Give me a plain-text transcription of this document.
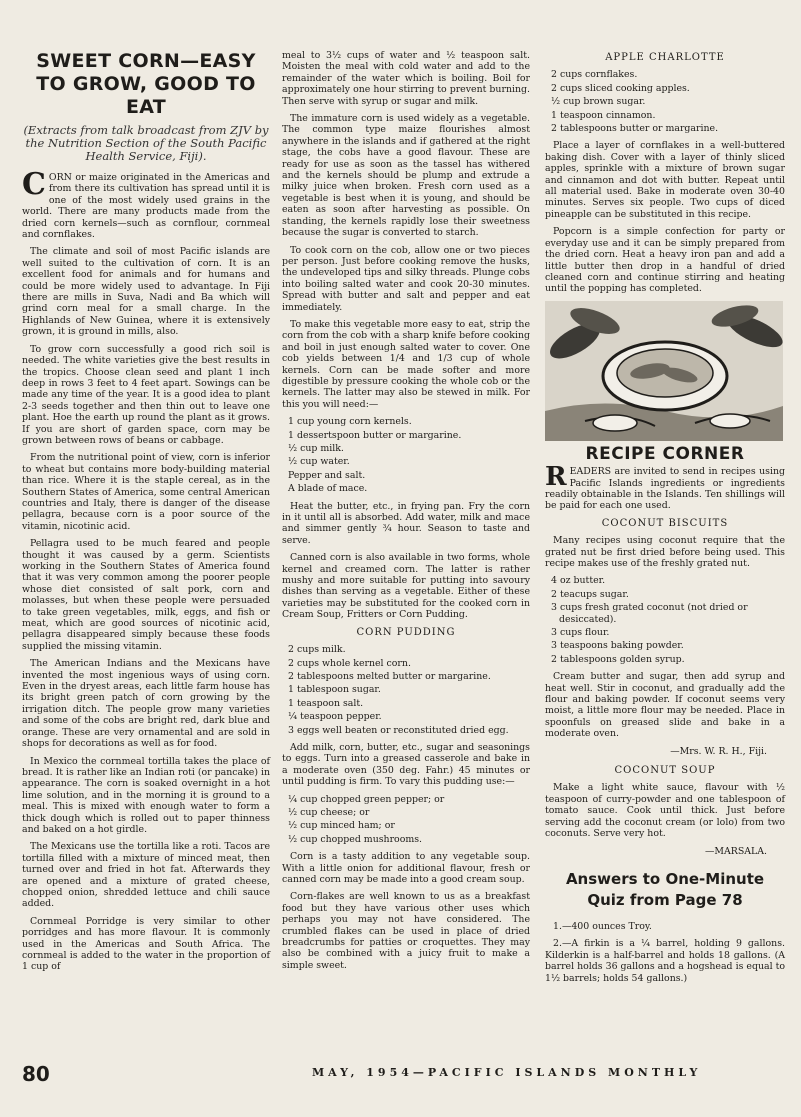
SWEET CORN—EASY TO GROW, GOOD TO EAT
(Extracts from talk broadcast from ZJV by the Nutrition Section of the South Pacific Health Service, Fiji).

CORN or maize originated in the Americas and from there its cultivation has spread until it is one of the most widely used grains in the world. There are many products made from the dried corn kernels—such as cornflour, cornmeal and cornflakes.

The climate and soil of most Pacific islands are well suited to the cultivation of corn. It is an excellent food for animals and for humans and could be more widely used to advantage. In Fiji there are mills in Suva, Nadi and Ba which will grind corn meal for a small charge. In the Highlands of New Guinea, where it is extensively grown, it is ground in mills, also.

To grow corn successfully a good rich soil is needed. The white varieties give the best results in the tropics. Choose clean seed and plant 1 inch deep in rows 3 feet to 4 feet apart. Sowings can be made any time of the year. It is a good idea to plant 2-3 seeds together and then thin out to leave one plant. Hoe the earth up round the plant as it grows. If you are short of garden space, corn may be grown between rows of beans or cabbage.

From the nutritional point of view, corn is inferior to wheat but contains more body-building material than rice. Where it is the staple cereal, as in the Southern States of America, some central American countries and Italy, there is danger of the disease pellagra, because corn is a poor source of the vitamin, nicotinic acid.

Pellagra used to be much feared and people thought it was caused by a germ. Scientists working in the Southern States of America found that it was very common among the poorer people whose diet consisted of salt pork, corn and molasses, but when these people were persuaded to take green vegetables, milk, eggs, and fish or meat, which are good sources of nicotinic acid, pellagra disappeared simply because these foods supplied the missing vitamin.

The American Indians and the Mexicans have invented the most ingenious ways of using corn. Even in the dryest areas, each little farm house has its bright green patch of corn growing by the irrigation ditch. The people grow many varieties and some of the cobs are bright red, dark blue and orange. These are very ornamental and are sold in shops for decorations as well as for food.

In Mexico the cornmeal tortilla takes the place of bread. It is rather like an Indian roti (or pancake) in appearance. The corn is soaked overnight in a hot lime solution, and in the morning it is ground to a meal. This is mixed with enough water to form a thick dough which is rolled out to paper thinness and baked on a hot girdle.

The Mexicans use the tortilla like a roti. Tacos are tortilla filled with a mixture of minced meat, then turned over and fried in hot fat. Afterwards they are opened and a mixture of grated cheese, chopped onion, shredded lettuce and chili sauce added.

Cornmeal Porridge is very similar to other porridges and has more flavour. It is commonly used in the Americas and South Africa. The cornmeal is added to the water in the proportion of 1 cup of

meal to 3½ cups of water and ½ teaspoon salt. Moisten the meal with cold water and add to the remainder of the water which is boiling. Boil for approximately one hour stirring to prevent burning. Then serve with syrup or sugar and milk.

The immature corn is used widely as a vegetable. The common type maize flourishes almost anywhere in the islands and if gathered at the right stage, the cobs have a good flavour. These are ready for use as soon as the tassel has withered and the kernels should be plump and extrude a milky juice when broken. Fresh corn used as a vegetable is best when it is young, and should be eaten as soon after harvesting as possible. On standing, the kernels rapidly lose their sweetness because the sugar is converted to starch.

To cook corn on the cob, allow one or two pieces per person. Just before cooking remove the husks, the undeveloped tips and silky threads. Plunge cobs into boiling salted water and cook 20-30 minutes. Spread with butter and salt and pepper and eat immediately.

To make this vegetable more easy to eat, strip the corn from the cob with a sharp knife before cooking and boil in just enough salted water to cover. One cob yields between 1/4 and 1/3 cup of whole kernels. Corn can be made softer and more digestible by pressure cooking the whole cob or the kernels. The latter may also be stewed in milk. For this you will need:—

1 cup young corn kernels.
1 dessertspoon butter or margarine.
½ cup milk.
½ cup water.
Pepper and salt.
A blade of mace.

Heat the butter, etc., in frying pan. Fry the corn in it until all is absorbed. Add water, milk and mace and simmer gently ¾ hour. Season to taste and serve.

Canned corn is also available in two forms, whole kernel and creamed corn. The latter is rather mushy and more suitable for putting into savoury dishes than serving as a vegetable. Either of these varieties may be substituted for the cooked corn in Cream Soup, Fritters or Corn Pudding.

CORN PUDDING
2 cups milk.
2 cups whole kernel corn.
2 tablespoons melted butter or margarine.
1 tablespoon sugar.
1 teaspoon salt.
¼ teaspoon pepper.
3 eggs well beaten or reconstituted dried egg.

Add milk, corn, butter, etc., sugar and seasonings to eggs. Turn into a greased casserole and bake in a moderate oven (350 deg. Fahr.) 45 minutes or until pudding is firm. To vary this pudding use:—

¼ cup chopped green pepper; or
½ cup cheese; or
½ cup minced ham; or
½ cup chopped mushrooms.

Corn is a tasty addition to any vegetable soup. With a little onion for additional flavour, fresh or canned corn may be made into a good cream soup.

Corn-flakes are well known to us as a breakfast food but they have various other uses which perhaps you may not have considered. The crumbled flakes can be used in place of dried breadcrumbs for patties or croquettes. They may also be combined with a juicy fruit to make a simple sweet.

APPLE CHARLOTTE
2 cups cornflakes.
2 cups sliced cooking apples.
½ cup brown sugar.
1 teaspoon cinnamon.
2 tablespoons butter or margarine.

Place a layer of cornflakes in a well-buttered baking dish. Cover with a layer of thinly sliced apples, sprinkle with a mixture of brown sugar and cinnamon and dot with butter. Repeat until all material used. Bake in moderate oven 30-40 minutes. Serves six people. Two cups of diced pineapple can be substituted in this recipe.

Popcorn is a simple confection for party or everyday use and it can be simply prepared from the dried corn. Heat a heavy iron pan and add a little butter then drop in a handful of dried cleaned corn and continue stirring and heating until the popping has completed.

RECIPE CORNER

READERS are invited to send in recipes using Pacific Islands ingredients or ingredients readily obtainable in the Islands. Ten shillings will be paid for each one used.

COCONUT BISCUITS

Many recipes using coconut require that the grated nut be first dried before being used. This recipe makes use of the freshly grated nut.

4 oz butter.
2 teacups sugar.
3 cups fresh grated coconut (not dried or desiccated).
3 cups flour.
3 teaspoons baking powder.
2 tablespoons golden syrup.

Cream butter and sugar, then add syrup and heat well. Stir in coconut, and gradually add the flour and baking powder. If coconut seems very moist, a little more flour may be needed. Place in spoonfuls on greased slide and bake in a moderate oven.

—Mrs. W. R. H., Fiji.
COCONUT SOUP

Make a light white sauce, flavour with ½ teaspoon of curry-powder and one tablespoon of tomato sauce. Cook until thick. Just before serving add the coconut cream (or lolo) from two coconuts. Serve very hot.

—MARSALA.
Answers to One-Minute Quiz from Page 78

1.—400 ounces Troy.

2.—A firkin is a ¼ barrel, holding 9 gallons. Kilderkin is a half-barrel and holds 18 gallons. (A barrel holds 36 gallons and a hogshead is equal to 1½ barrels; holds 54 gallons.)

80	MAY, 1954—PACIFIC ISLANDS MONTHLY
